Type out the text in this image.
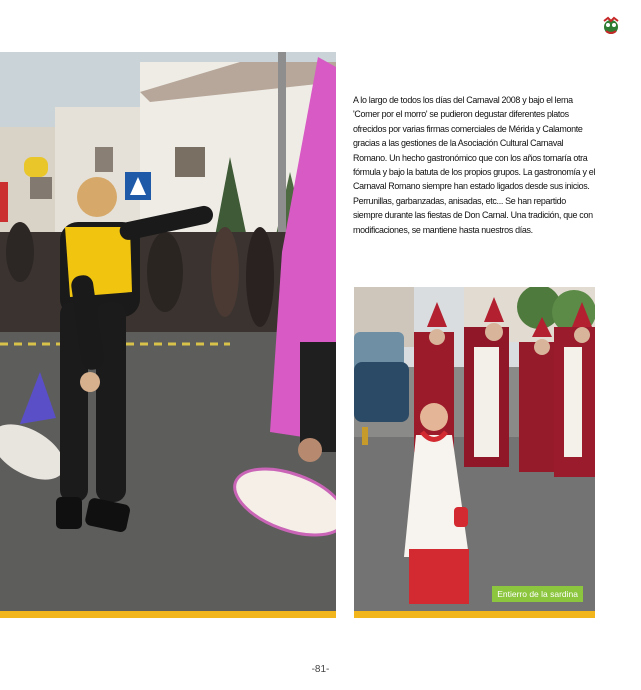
A lo largo de todos los días del Carnaval 2008 y bajo el lema 'Comer por el morro' se pudieron degustar diferentes platos ofrecidos por varias firmas comerciales de Mérida y Calamonte gracias a las gestiones de la Asociación Cultural Carnaval Romano. Un hecho gastronómico que con los años tornaría otra fórmula y bajo la batuta de los propios grupos. La gastronomía y el Carnaval Romano siempre han estado ligados desde sus inicios. Perrunillas, garbanzadas, anisadas, etc... Se han repartido siempre durante las fiestas de Don Carnal. Una tradición, que con modificaciones, se mantiene hasta nuestros días.
Entierro de la sardina
-81-
